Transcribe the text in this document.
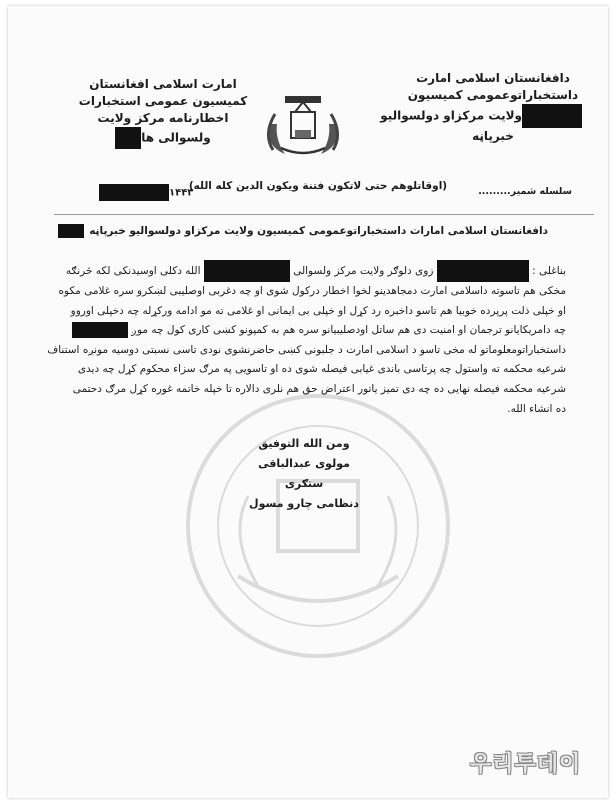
دافغانستان اسلامی امارت
داستخباراتوعمومی کمیسیون
ولایت مرکزاو دولسوالیو
خبرپاڼه
امارت اسلامی افغانستان
کمیسیون عمومی استخبارات
اخطارنامه مرکز ولایت
ولسوالی ها
(اوقاتلوهم حتی لاتکون فتنة ویکون الدین کله الله)	سلسله شمیر.........
۱۴۴۳
دافغانستان اسلامی امارات داستخباراتوعمومی کمیسیون ولایت مرکزاو دولسوالیو خبرپاڼه
بناغلی :  زوی دلوګر ولایت مرکز ولسوالی  الله دکلی اوسیدنکی لکه څرنګه
مخکی هم تاسوته داسلامی امارت دمجاهدینو لخوا اخطار درکول شوی او چه دغربی اوصلیبی لښکرو سره غلامی مکوه
او خپلی ذلت پرپرده خوبیا هم تاسو داخبره رد کړل او خپلی بی ایمانی او غلامی ته مو ادامه ورکړله چه دخپلی اوروو
چه دامریکایانو ترجمان او امنیت دی هم ساتل اودصلیبیانو سره هم به کمپونو کښی کاری کول چه موږ
داستخباراتومعلوماتو له مخی تاسو د اسلامی امارت د جلبونی کښی حاضرنشوی نودی تاسی نسبتی دوسیه مونږه استناف
شرعیه محکمه ته واستول چه پرتاسی باندی غیابی فیصله شوی ده او تاسویی په مرګ سزاء محکوم کړل چه دیدی
شرعیه محکمه فیصله نهایی ده چه دی تمیز یاتور اعتراض حق هم نلری دالاره تا خپله خاتمه غوره کړل مرګ دحتمی
ده انشاء الله.
ومن الله التوفیق
مولوی عبدالباقی ستګری
دنظامی چارو مسول
우리투데이
